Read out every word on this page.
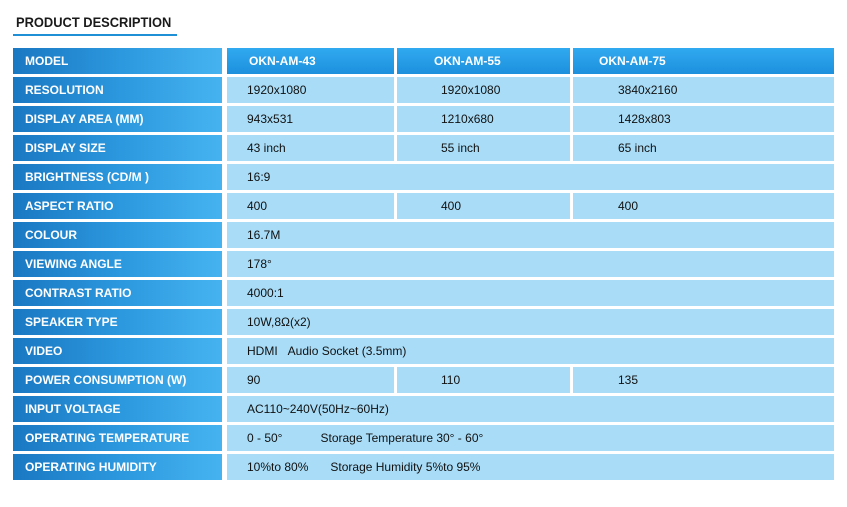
PRODUCT DESCRIPTION
MODEL	OKN-AM-43	OKN-AM-55	OKN-AM-75
RESOLUTION	1920x1080	1920x1080	3840x2160
DISPLAY AREA (MM)	943x531	1210x680	1428x803
DISPLAY SIZE	43 inch	55 inch	65 inch
BRIGHTNESS (CD/M )	16:9
ASPECT RATIO	400	400	400
COLOUR	16.7M
VIEWING ANGLE	178°
CONTRAST RATIO	4000:1
SPEAKER TYPE	10W,8Ω(x2)
VIDEO	HDMI Audio Socket (3.5mm)
POWER CONSUMPTION (W)	90	110	135
INPUT VOLTAGE	AC110~240V(50Hz~60Hz)
OPERATING TEMPERATURE	0 - 50°	Storage Temperature 30° - 60°
OPERATING HUMIDITY	10%to 80% Storage Humidity 5%to 95%
